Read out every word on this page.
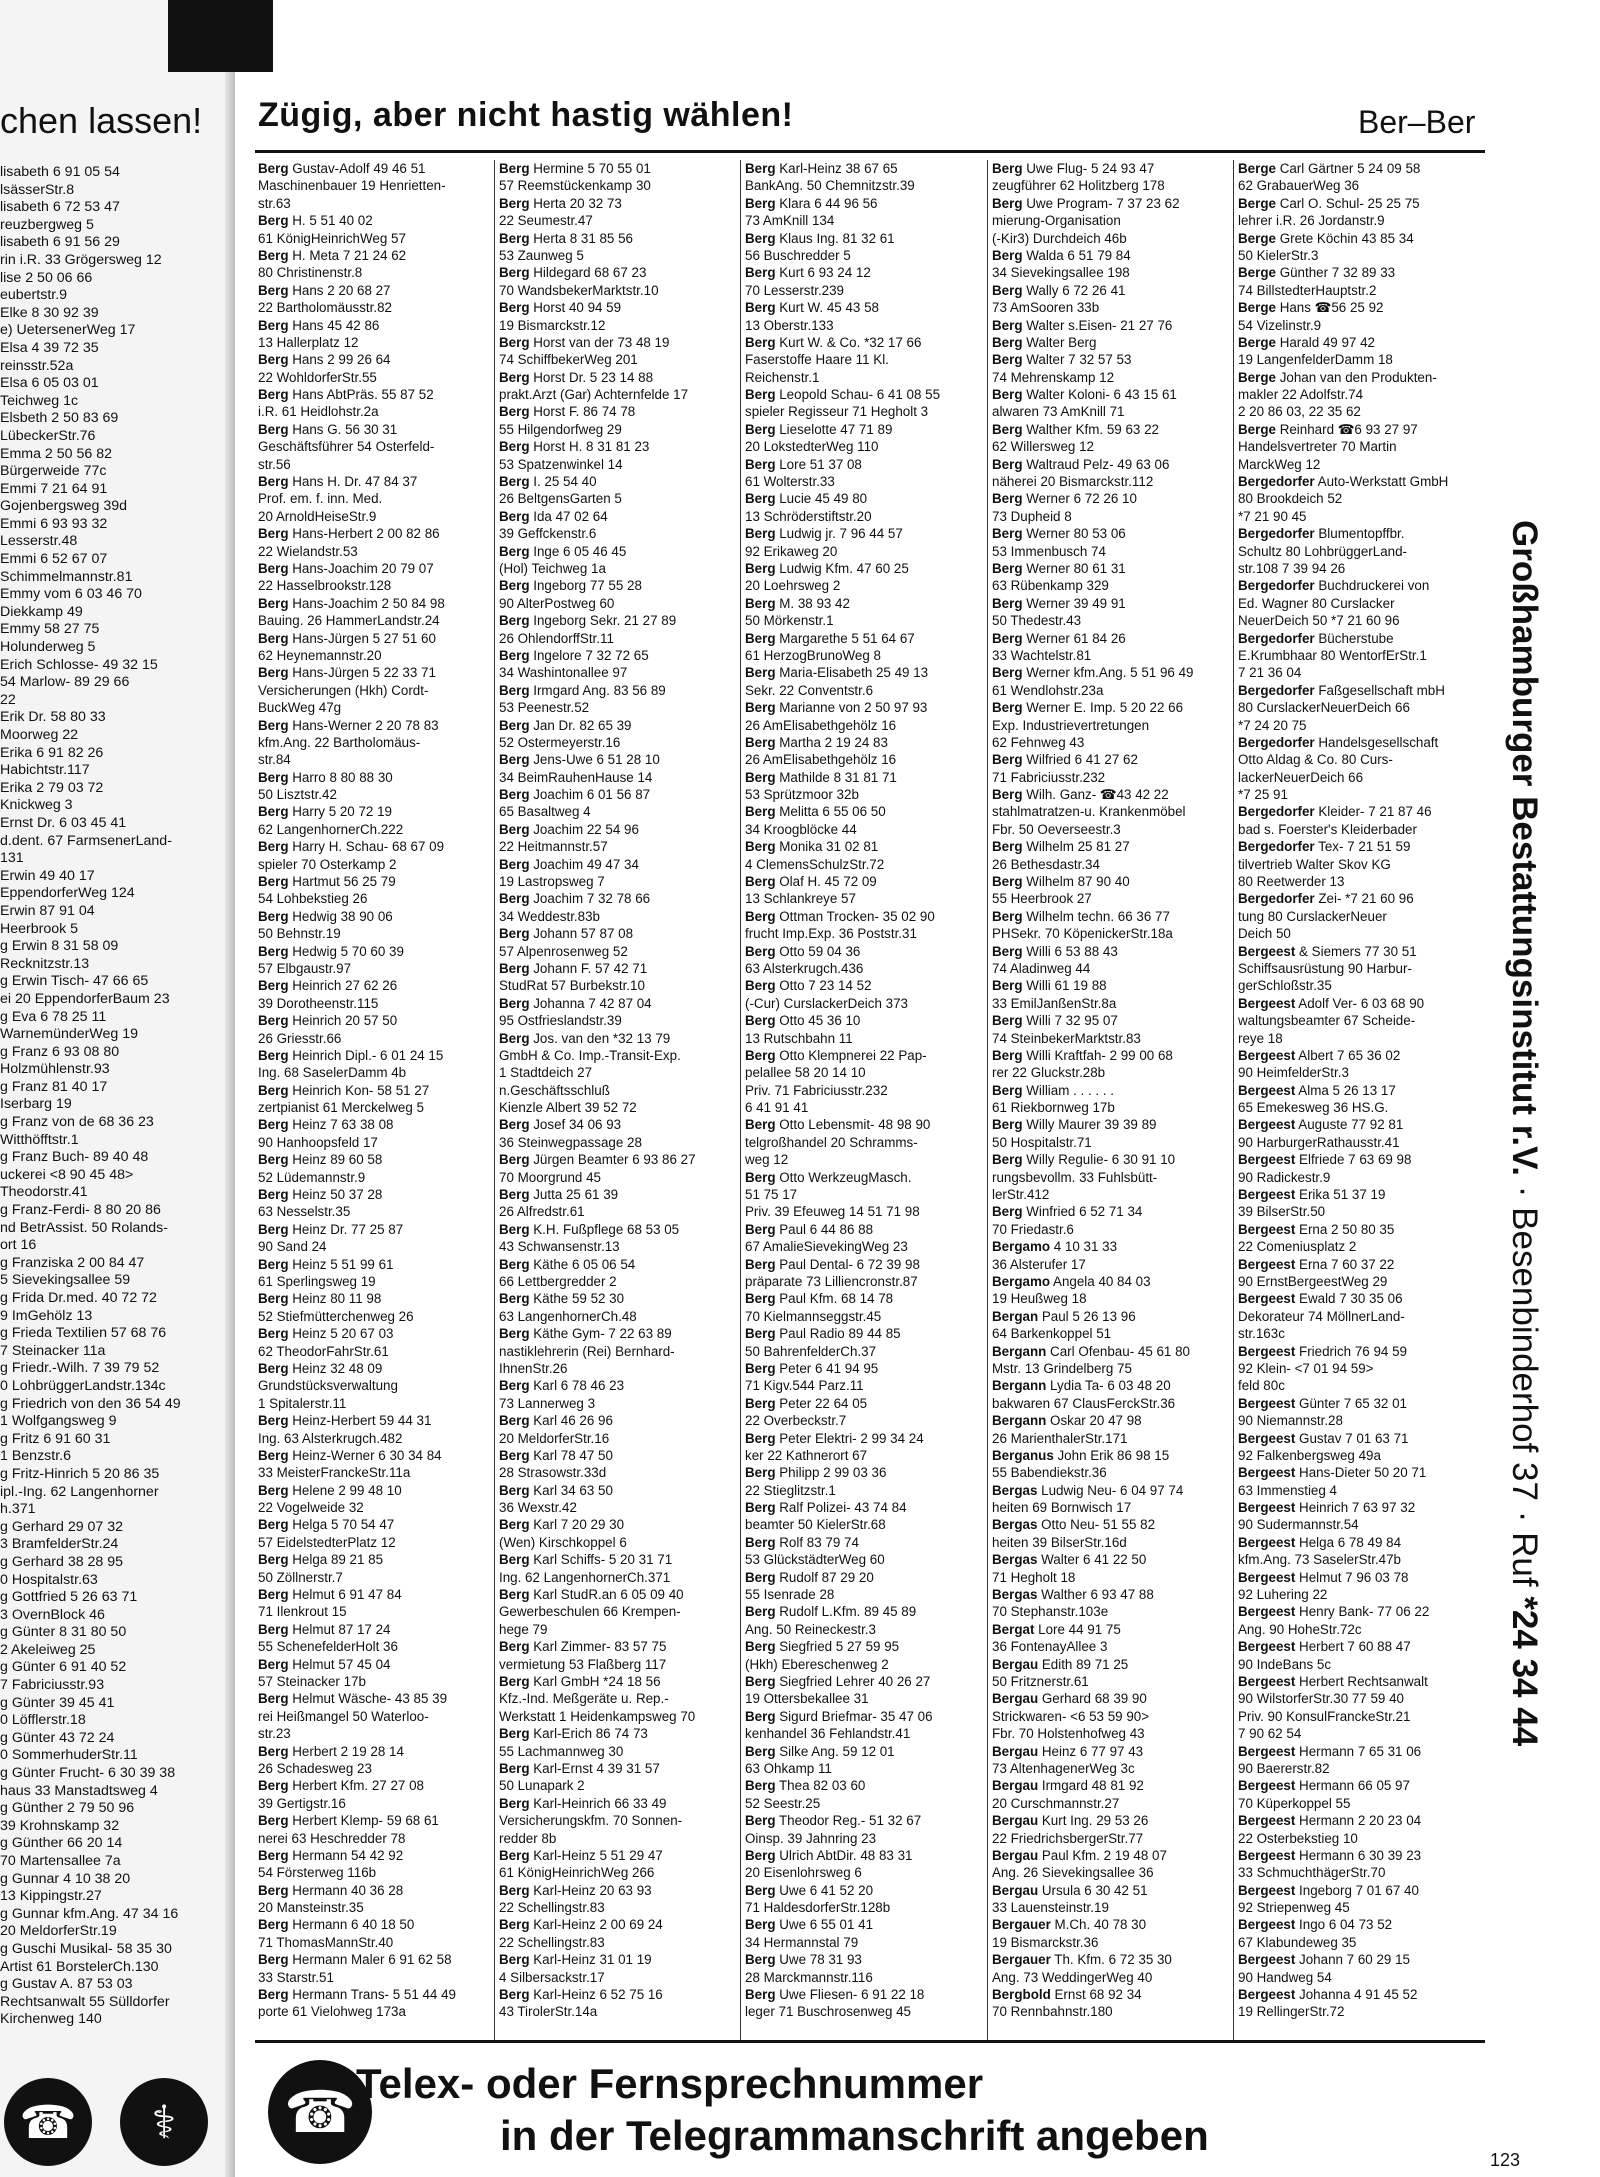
chen lassen!
lisabeth 6 91 05 54
lsässerStr.8
lisabeth 6 72 53 47
reuzbergweg 5
lisabeth 6 91 56 29
rin i.R. 33 Grögersweg 12
lise 2 50 06 66
eubertstr.9
Elke 8 30 92 39
e) UetersenerWeg 17
Elsa 4 39 72 35
reinsstr.52a
Elsa 6 05 03 01
Teichweg 1c
Elsbeth 2 50 83 69
LübeckerStr.76
Emma 2 50 56 82
Bürgerweide 77c
Emmi 7 21 64 91
Gojenbergsweg 39d
Emmi 6 93 93 32
Lesserstr.48
Emmi 6 52 67 07
Schimmelmannstr.81
Emmy vom 6 03 46 70
Diekkamp 49
Emmy 58 27 75
Holunderweg 5
Erich Schlosse- 49 32 15
54 Marlow- 89 29 66
22
Erik Dr. 58 80 33
Moorweg 22
Erika 6 91 82 26
Habichtstr.117
Erika 2 79 03 72
Knickweg 3
Ernst Dr. 6 03 45 41
d.dent. 67 FarmsenerLand-
131
Erwin 49 40 17
EppendorferWeg 124
Erwin 87 91 04
Heerbrook 5
g Erwin 8 31 58 09
Recknitzstr.13
g Erwin Tisch- 47 66 65
ei 20 EppendorferBaum 23
g Eva 6 78 25 11
WarnemünderWeg 19
g Franz 6 93 08 80
Holzmühlenstr.93
g Franz 81 40 17
Iserbarg 19
g Franz von de 68 36 23
Witthöfftstr.1
g Franz Buch- 89 40 48
uckerei <8 90 45 48>
Theodorstr.41
g Franz-Ferdi- 8 80 20 86
nd BetrAssist. 50 Rolands-
ort 16
g Franziska 2 00 84 47
5 Sievekingsallee 59
g Frida Dr.med. 40 72 72
9 ImGehölz 13
g Frieda Textilien 57 68 76
7 Steinacker 11a
g Friedr.-Wilh. 7 39 79 52
0 LohbrüggerLandstr.134c
g Friedrich von den 36 54 49
1 Wolfgangsweg 9
g Fritz 6 91 60 31
1 Benzstr.6
g Fritz-Hinrich 5 20 86 35
ipl.-Ing. 62 Langenhorner
h.371
g Gerhard 29 07 32
3 BramfelderStr.24
g Gerhard 38 28 95
0 Hospitalstr.63
g Gottfried 5 26 63 71
3 OvernBlock 46
g Günter 8 31 80 50
2 Akeleiweg 25
g Günter 6 91 40 52
7 Fabriciusstr.93
g Günter 39 45 41
0 Löfflerstr.18
g Günter 43 72 24
0 SommerhuderStr.11
g Günter Frucht- 6 30 39 38
haus 33 Manstadtsweg 4
g Günther 2 79 50 96
39 Krohnskamp 32
g Günther 66 20 14
70 Martensallee 7a
g Gunnar 4 10 38 20
13 Kippingstr.27
g Gunnar kfm.Ang. 47 34 16
20 MeldorferStr.19
g Guschi Musikal- 58 35 30
Artist 61 BorstelerCh.130
g Gustav A. 87 53 03
Rechtsanwalt 55 Sülldorfer
Kirchenweg 140
☎	⚕
Zügig, aber nicht hastig wählen!	Ber–Ber
Berg Gustav-Adolf 49 46 51
Maschinenbauer 19 Henrietten-
str.63
Berg H. 5 51 40 02
61 KönigHeinrichWeg 57
Berg H. Meta 7 21 24 62
80 Christinenstr.8
Berg Hans 2 20 68 27
22 Bartholomäusstr.82
Berg Hans 45 42 86
13 Hallerplatz 12
Berg Hans 2 99 26 64
22 WohldorferStr.55
Berg Hans AbtPräs. 55 87 52
i.R. 61 Heidlohstr.2a
Berg Hans G. 56 30 31
Geschäftsführer 54 Osterfeld-
str.56
Berg Hans H. Dr. 47 84 37
Prof. em. f. inn. Med.
20 ArnoldHeiseStr.9
Berg Hans-Herbert 2 00 82 86
22 Wielandstr.53
Berg Hans-Joachim 20 79 07
22 Hasselbrookstr.128
Berg Hans-Joachim 2 50 84 98
Bauing. 26 HammerLandstr.24
Berg Hans-Jürgen 5 27 51 60
62 Heynemannstr.20
Berg Hans-Jürgen 5 22 33 71
Versicherungen (Hkh) Cordt-
BuckWeg 47g
Berg Hans-Werner 2 20 78 83
kfm.Ang. 22 Bartholomäus-
str.84
Berg Harro 8 80 88 30
50 Lisztstr.42
Berg Harry 5 20 72 19
62 LangenhornerCh.222
Berg Harry H. Schau- 68 67 09
spieler 70 Osterkamp 2
Berg Hartmut 56 25 79
54 Lohbekstieg 26
Berg Hedwig 38 90 06
50 Behnstr.19
Berg Hedwig 5 70 60 39
57 Elbgaustr.97
Berg Heinrich 27 62 26
39 Dorotheenstr.115
Berg Heinrich 20 57 50
26 Griesstr.66
Berg Heinrich Dipl.- 6 01 24 15
Ing. 68 SaselerDamm 4b
Berg Heinrich Kon- 58 51 27
zertpianist 61 Merckelweg 5
Berg Heinz 7 63 38 08
90 Hanhoopsfeld 17
Berg Heinz 89 60 58
52 Lüdemannstr.9
Berg Heinz 50 37 28
63 Nesselstr.35
Berg Heinz Dr. 77 25 87
90 Sand 24
Berg Heinz 5 51 99 61
61 Sperlingsweg 19
Berg Heinz 80 11 98
52 Stiefmütterchenweg 26
Berg Heinz 5 20 67 03
62 TheodorFahrStr.61
Berg Heinz 32 48 09
Grundstücksverwaltung
1 Spitalerstr.11
Berg Heinz-Herbert 59 44 31
Ing. 63 Alsterkrugch.482
Berg Heinz-Werner 6 30 34 84
33 MeisterFranckeStr.11a
Berg Helene 2 99 48 10
22 Vogelweide 32
Berg Helga 5 70 54 47
57 EidelstedterPlatz 12
Berg Helga 89 21 85
50 Zöllnerstr.7
Berg Helmut 6 91 47 84
71 Ilenkrout 15
Berg Helmut 87 17 24
55 SchenefelderHolt 36
Berg Helmut 57 45 04
57 Steinacker 17b
Berg Helmut Wäsche- 43 85 39
rei Heißmangel 50 Waterloo-
str.23
Berg Herbert 2 19 28 14
26 Schadesweg 23
Berg Herbert Kfm. 27 27 08
39 Gertigstr.16
Berg Herbert Klemp- 59 68 61
nerei 63 Heschredder 78
Berg Hermann 54 42 92
54 Försterweg 116b
Berg Hermann 40 36 28
20 Mansteinstr.35
Berg Hermann 6 40 18 50
71 ThomasMannStr.40
Berg Hermann Maler 6 91 62 58
33 Starstr.51
Berg Hermann Trans- 5 51 44 49
porte 61 Vielohweg 173a
Berg Hermine 5 70 55 01
57 Reemstückenkamp 30
Berg Herta 20 32 73
22 Seumestr.47
Berg Herta 8 31 85 56
53 Zaunweg 5
Berg Hildegard 68 67 23
70 WandsbekerMarktstr.10
Berg Horst 40 94 59
19 Bismarckstr.12
Berg Horst van der 73 48 19
74 SchiffbekerWeg 201
Berg Horst Dr. 5 23 14 88
prakt.Arzt (Gar) Achternfelde 17
Berg Horst F. 86 74 78
55 Hilgendorfweg 29
Berg Horst H. 8 31 81 23
53 Spatzenwinkel 14
Berg I. 25 54 40
26 BeltgensGarten 5
Berg Ida 47 02 64
39 Geffckenstr.6
Berg Inge 6 05 46 45
(Hol) Teichweg 1a
Berg Ingeborg 77 55 28
90 AlterPostweg 60
Berg Ingeborg Sekr. 21 27 89
26 OhlendorffStr.11
Berg Ingelore 7 32 72 65
34 Washintonallee 97
Berg Irmgard Ang. 83 56 89
53 Peenestr.52
Berg Jan Dr. 82 65 39
52 Ostermeyerstr.16
Berg Jens-Uwe 6 51 28 10
34 BeimRauhenHause 14
Berg Joachim 6 01 56 87
65 Basaltweg 4
Berg Joachim 22 54 96
22 Heitmannstr.57
Berg Joachim 49 47 34
19 Lastropsweg 7
Berg Joachim 7 32 78 66
34 Weddestr.83b
Berg Johann 57 87 08
57 Alpenrosenweg 52
Berg Johann F. 57 42 71
StudRat 57 Burbekstr.10
Berg Johanna 7 42 87 04
95 Ostfrieslandstr.39
Berg Jos. van den *32 13 79
GmbH & Co. Imp.-Transit-Exp.
1 Stadtdeich 27
n.Geschäftsschluß
Kienzle Albert 39 52 72
Berg Josef 34 06 93
36 Steinwegpassage 28
Berg Jürgen Beamter 6 93 86 27
70 Moorgrund 45
Berg Jutta 25 61 39
26 Alfredstr.61
Berg K.H. Fußpflege 68 53 05
43 Schwansenstr.13
Berg Käthe 6 05 06 54
66 Lettbergredder 2
Berg Käthe 59 52 30
63 LangenhornerCh.48
Berg Käthe Gym- 7 22 63 89
nastiklehrerin (Rei) Bernhard-
IhnenStr.26
Berg Karl 6 78 46 23
73 Lannerweg 3
Berg Karl 46 26 96
20 MeldorferStr.16
Berg Karl 78 47 50
28 Strasowstr.33d
Berg Karl 34 63 50
36 Wexstr.42
Berg Karl 7 20 29 30
(Wen) Kirschkoppel 6
Berg Karl Schiffs- 5 20 31 71
Ing. 62 LangenhornerCh.371
Berg Karl StudR.an 6 05 09 40
Gewerbeschulen 66 Krempen-
hege 79
Berg Karl Zimmer- 83 57 75
vermietung 53 Flaßberg 117
Berg Karl GmbH *24 18 56
Kfz.-Ind. Meßgeräte u. Rep.-
Werkstatt 1 Heidenkampsweg 70
Berg Karl-Erich 86 74 73
55 Lachmannweg 30
Berg Karl-Ernst 4 39 31 57
50 Lunapark 2
Berg Karl-Heinrich 66 33 49
Versicherungskfm. 70 Sonnen-
redder 8b
Berg Karl-Heinz 5 51 29 47
61 KönigHeinrichWeg 266
Berg Karl-Heinz 20 63 93
22 Schellingstr.83
Berg Karl-Heinz 2 00 69 24
22 Schellingstr.83
Berg Karl-Heinz 31 01 19
4 Silbersackstr.17
Berg Karl-Heinz 6 52 75 16
43 TirolerStr.14a
Berg Karl-Heinz 38 67 65
BankAng. 50 Chemnitzstr.39
Berg Klara 6 44 96 56
73 AmKnill 134
Berg Klaus Ing. 81 32 61
56 Buschredder 5
Berg Kurt 6 93 24 12
70 Lesserstr.239
Berg Kurt W. 45 43 58
13 Oberstr.133
Berg Kurt W. & Co. *32 17 66
Faserstoffe Haare 11 Kl.
Reichenstr.1
Berg Leopold Schau- 6 41 08 55
spieler Regisseur 71 Hegholt 3
Berg Lieselotte 47 71 89
20 LokstedterWeg 110
Berg Lore 51 37 08
61 Wolterstr.33
Berg Lucie 45 49 80
13 Schröderstiftstr.20
Berg Ludwig jr. 7 96 44 57
92 Erikaweg 20
Berg Ludwig Kfm. 47 60 25
20 Loehrsweg 2
Berg M. 38 93 42
50 Mörkenstr.1
Berg Margarethe 5 51 64 67
61 HerzogBrunoWeg 8
Berg Maria-Elisabeth 25 49 13
Sekr. 22 Conventstr.6
Berg Marianne von 2 50 97 93
26 AmElisabethgehölz 16
Berg Martha 2 19 24 83
26 AmElisabethgehölz 16
Berg Mathilde 8 31 81 71
53 Sprützmoor 32b
Berg Melitta 6 55 06 50
34 Kroogblöcke 44
Berg Monika 31 02 81
4 ClemensSchulzStr.72
Berg Olaf H. 45 72 09
13 Schlankreye 57
Berg Ottman Trocken- 35 02 90
frucht Imp.Exp. 36 Poststr.31
Berg Otto 59 04 36
63 Alsterkrugch.436
Berg Otto 7 23 14 52
(-Cur) CurslackerDeich 373
Berg Otto 45 36 10
13 Rutschbahn 11
Berg Otto Klempnerei 22 Pap-
pelallee 58 20 14 10
Priv. 71 Fabriciusstr.232
6 41 91 41
Berg Otto Lebensmit- 48 98 90
telgroßhandel 20 Schramms-
weg 12
Berg Otto WerkzeugMasch.
51 75 17
Priv. 39 Efeuweg 14 51 71 98
Berg Paul 6 44 86 88
67 AmalieSievekingWeg 23
Berg Paul Dental- 6 72 39 98
präparate 73 Lilliencronstr.87
Berg Paul Kfm. 68 14 78
70 Kielmannseggstr.45
Berg Paul Radio 89 44 85
50 BahrenfelderCh.37
Berg Peter 6 41 94 95
71 Kigv.544 Parz.11
Berg Peter 22 64 05
22 Overbeckstr.7
Berg Peter Elektri- 2 99 34 24
ker 22 Kathnerort 67
Berg Philipp 2 99 03 36
22 Stieglitzstr.1
Berg Ralf Polizei- 43 74 84
beamter 50 KielerStr.68
Berg Rolf 83 79 74
53 GlückstädterWeg 60
Berg Rudolf 87 29 20
55 Isenrade 28
Berg Rudolf L.Kfm. 89 45 89
Ang. 50 Reineckestr.3
Berg Siegfried 5 27 59 95
(Hkh) Ebereschenweg 2
Berg Siegfried Lehrer 40 26 27
19 Ottersbekallee 31
Berg Sigurd Briefmar- 35 47 06
kenhandel 36 Fehlandstr.41
Berg Silke Ang. 59 12 01
63 Ohkamp 11
Berg Thea 82 03 60
52 Seestr.25
Berg Theodor Reg.- 51 32 67
Oinsp. 39 Jahnring 23
Berg Ulrich AbtDir. 48 83 31
20 Eisenlohrsweg 6
Berg Uwe 6 41 52 20
71 HaldesdorferStr.128b
Berg Uwe 6 55 01 41
34 Hermannstal 79
Berg Uwe 78 31 93
28 Marckmannstr.116
Berg Uwe Fliesen- 6 91 22 18
leger 71 Buschrosenweg 45
Berg Uwe Flug- 5 24 93 47
zeugführer 62 Holitzberg 178
Berg Uwe Program- 7 37 23 62
mierung-Organisation
(-Kir3) Durchdeich 46b
Berg Walda 6 51 79 84
34 Sievekingsallee 198
Berg Wally 6 72 26 41
73 AmSooren 33b
Berg Walter s.Eisen- 21 27 76
Berg Walter Berg
Berg Walter 7 32 57 53
74 Mehrenskamp 12
Berg Walter Koloni- 6 43 15 61
alwaren 73 AmKnill 71
Berg Walther Kfm. 59 63 22
62 Willersweg 12
Berg Waltraud Pelz- 49 63 06
näherei 20 Bismarckstr.112
Berg Werner 6 72 26 10
73 Dupheid 8
Berg Werner 80 53 06
53 Immenbusch 74
Berg Werner 80 61 31
63 Rübenkamp 329
Berg Werner 39 49 91
50 Thedestr.43
Berg Werner 61 84 26
33 Wachtelstr.81
Berg Werner kfm.Ang. 5 51 96 49
61 Wendlohstr.23a
Berg Werner E. Imp. 5 20 22 66
Exp. Industrievertretungen
62 Fehnweg 43
Berg Wilfried 6 41 27 62
71 Fabriciusstr.232
Berg Wilh. Ganz- ☎43 42 22
stahlmatratzen-u. Krankenmöbel
Fbr. 50 Oeverseestr.3
Berg Wilhelm 25 81 27
26 Bethesdastr.34
Berg Wilhelm 87 90 40
55 Heerbrook 27
Berg Wilhelm techn. 66 36 77
PHSekr. 70 KöpenickerStr.18a
Berg Willi 6 53 88 43
74 Aladinweg 44
Berg Willi 61 19 88
33 EmilJanßenStr.8a
Berg Willi 7 32 95 07
74 SteinbekerMarktstr.83
Berg Willi Kraftfah- 2 99 00 68
rer 22 Gluckstr.28b
Berg William . . . . . .
61 Riekbornweg 17b
Berg Willy Maurer 39 39 89
50 Hospitalstr.71
Berg Willy Regulie- 6 30 91 10
rungsbevollm. 33 Fuhlsbütt-
lerStr.412
Berg Winfried 6 52 71 34
70 Friedastr.6
Bergamo 4 10 31 33
36 Alsterufer 17
Bergamo Angela 40 84 03
19 Heußweg 18
Bergan Paul 5 26 13 96
64 Barkenkoppel 51
Bergann Carl Ofenbau- 45 61 80
Mstr. 13 Grindelberg 75
Bergann Lydia Ta- 6 03 48 20
bakwaren 67 ClausFerckStr.36
Bergann Oskar 20 47 98
26 MarienthalerStr.171
Berganus John Erik 86 98 15
55 Babendiekstr.36
Bergas Ludwig Neu- 6 04 97 74
heiten 69 Bornwisch 17
Bergas Otto Neu- 51 55 82
heiten 39 BilserStr.16d
Bergas Walter 6 41 22 50
71 Hegholt 18
Bergas Walther 6 93 47 88
70 Stephanstr.103e
Bergat Lore 44 91 75
36 FontenayAllee 3
Bergau Edith 89 71 25
50 Fritznerstr.61
Bergau Gerhard 68 39 90
Strickwaren- <6 53 59 90>
Fbr. 70 Holstenhofweg 43
Bergau Heinz 6 77 97 43
73 AltenhagenerWeg 3c
Bergau Irmgard 48 81 92
20 Curschmannstr.27
Bergau Kurt Ing. 29 53 26
22 FriedrichsbergerStr.77
Bergau Paul Kfm. 2 19 48 07
Ang. 26 Sievekingsallee 36
Bergau Ursula 6 30 42 51
33 Lauensteinstr.19
Bergauer M.Ch. 40 78 30
19 Bismarckstr.36
Bergauer Th. Kfm. 6 72 35 30
Ang. 73 WeddingerWeg 40
Bergbold Ernst 68 92 34
70 Rennbahnstr.180
Berge Carl Gärtner 5 24 09 58
62 GrabauerWeg 36
Berge Carl O. Schul- 25 25 75
lehrer i.R. 26 Jordanstr.9
Berge Grete Köchin 43 85 34
50 KielerStr.3
Berge Günther 7 32 89 33
74 BillstedterHauptstr.2
Berge Hans ☎56 25 92
54 Vizelinstr.9
Berge Harald 49 97 42
19 LangenfelderDamm 18
Berge Johan van den Produkten-
makler 22 Adolfstr.74
2 20 86 03, 22 35 62
Berge Reinhard ☎6 93 27 97
Handelsvertreter 70 Martin
MarckWeg 12
Bergedorfer Auto-Werkstatt GmbH
80 Brookdeich 52
*7 21 90 45
Bergedorfer Blumentopffbr.
Schultz 80 LohbrüggerLand-
str.108 7 39 94 26
Bergedorfer Buchdruckerei von
Ed. Wagner 80 Curslacker
NeuerDeich 50 *7 21 60 96
Bergedorfer Bücherstube
E.Krumbhaar 80 WentorfErStr.1
7 21 36 04
Bergedorfer Faßgesellschaft mbH
80 CurslackerNeuerDeich 66
*7 24 20 75
Bergedorfer Handelsgesellschaft
Otto Aldag & Co. 80 Curs-
lackerNeuerDeich 66
*7 25 91
Bergedorfer Kleider- 7 21 87 46
bad s. Foerster's Kleiderbader
Bergedorfer Tex- 7 21 51 59
tilvertrieb Walter Skov KG
80 Reetwerder 13
Bergedorfer Zei- *7 21 60 96
tung 80 CurslackerNeuer
Deich 50
Bergeest & Siemers 77 30 51
Schiffsausrüstung 90 Harbur-
gerSchloßstr.35
Bergeest Adolf Ver- 6 03 68 90
waltungsbeamter 67 Scheide-
reye 18
Bergeest Albert 7 65 36 02
90 HeimfelderStr.3
Bergeest Alma 5 26 13 17
65 Emekesweg 36 HS.G.
Bergeest Auguste 77 92 81
90 HarburgerRathausstr.41
Bergeest Elfriede 7 63 69 98
90 Radickestr.9
Bergeest Erika 51 37 19
39 BilserStr.50
Bergeest Erna 2 50 80 35
22 Comeniusplatz 2
Bergeest Erna 7 60 37 22
90 ErnstBergeestWeg 29
Bergeest Ewald 7 30 35 06
Dekorateur 74 MöllnerLand-
str.163c
Bergeest Friedrich 76 94 59
92 Klein- <7 01 94 59>
feld 80c
Bergeest Günter 7 65 32 01
90 Niemannstr.28
Bergeest Gustav 7 01 63 71
92 Falkenbergsweg 49a
Bergeest Hans-Dieter 50 20 71
63 Immenstieg 4
Bergeest Heinrich 7 63 97 32
90 Sudermannstr.54
Bergeest Helga 6 78 49 84
kfm.Ang. 73 SaselerStr.47b
Bergeest Helmut 7 96 03 78
92 Luhering 22
Bergeest Henry Bank- 77 06 22
Ang. 90 HoheStr.72c
Bergeest Herbert 7 60 88 47
90 IndeBans 5c
Bergeest Herbert Rechtsanwalt
90 WilstorferStr.30 77 59 40
Priv. 90 KonsulFranckeStr.21
7 90 62 54
Bergeest Hermann 7 65 31 06
90 Baererstr.82
Bergeest Hermann 66 05 97
70 Küperkoppel 55
Bergeest Hermann 2 20 23 04
22 Osterbekstieg 10
Bergeest Hermann 6 30 39 23
33 SchmuchthägerStr.70
Bergeest Ingeborg 7 01 67 40
92 Striepenweg 45
Bergeest Ingo 6 04 73 52
67 Klabundeweg 35
Bergeest Johann 7 60 29 15
90 Handweg 54
Bergeest Johanna 4 91 45 52
19 RellingerStr.72
Großhamburger Bestattungsinstitut r.V. · Besenbinderhof 37 · Ruf *24 34 44
☎ Telex- oder Fernsprechnummer
in der Telegrammanschrift angeben
123
